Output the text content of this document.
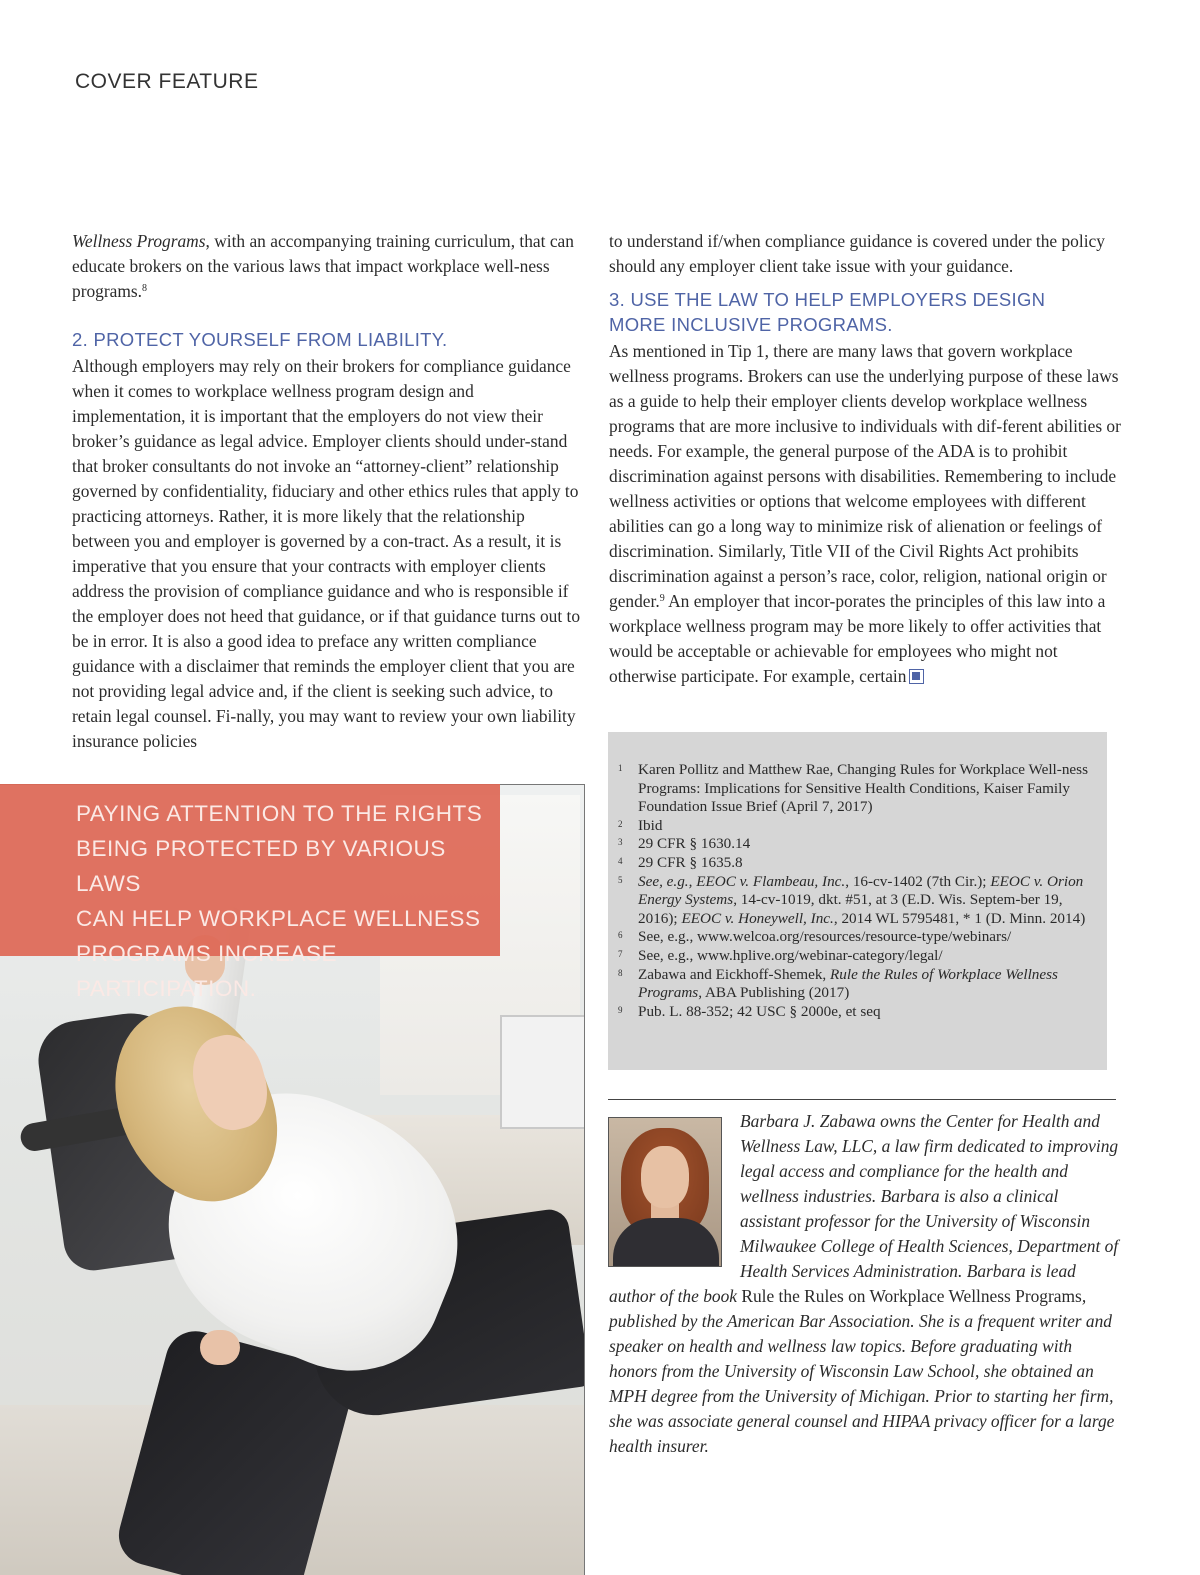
COVER FEATURE

Wellness Programs, with an accompanying training curriculum, that can educate brokers on the various laws that impact workplace well-ness programs.$^8$

2. PROTECT YOURSELF FROM LIABILITY.

Although employers may rely on their brokers for compliance guidance when it comes to workplace wellness program design and implementation, it is important that the employers do not view their broker’s guidance as legal advice. Employer clients should under-stand that broker consultants do not invoke an “attorney-client” relationship governed by confidentiality, fiduciary and other ethics rules that apply to practicing attorneys. Rather, it is more likely that the relationship between you and employer is governed by a con-tract. As a result, it is imperative that you ensure that your contracts with employer clients address the provision of compliance guidance and who is responsible if the employer does not heed that guidance, or if that guidance turns out to be in error. It is also a good idea to preface any written compliance guidance with a disclaimer that reminds the employer client that you are not providing legal advice and, if the client is seeking such advice, to retain legal counsel. Fi-nally, you may want to review your own liability insurance policies

to understand if/when compliance guidance is covered under the policy should any employer client take issue with your guidance.

3. USE THE LAW TO HELP EMPLOYERS DESIGN
MORE INCLUSIVE PROGRAMS.

As mentioned in Tip 1, there are many laws that govern workplace wellness programs. Brokers can use the underlying purpose of these laws as a guide to help their employer clients develop workplace wellness programs that are more inclusive to individuals with dif-ferent abilities or needs. For example, the general purpose of the ADA is to prohibit discrimination against persons with disabilities. Remembering to include wellness activities or options that welcome employees with different abilities can go a long way to minimize risk of alienation or feelings of discrimination. Similarly, Title VII of the Civil Rights Act prohibits discrimination against a person’s race, color, religion, national origin or gender.$^9$ An employer that incor-porates the principles of this law into a workplace wellness program may be more likely to offer activities that would be acceptable or achievable for employees who might not otherwise participate. For example, certain

PAYING ATTENTION TO THE RIGHTS
BEING PROTECTED BY VARIOUS LAWS
CAN HELP WORKPLACE WELLNESS
PROGRAMS INCREASE PARTICIPATION.

1	Karen Pollitz and Matthew Rae, Changing Rules for Workplace Well-ness Programs: Implications for Sensitive Health Conditions, Kaiser Family Foundation Issue Brief (April 7, 2017)
2	Ibid
3	29 CFR § 1630.14
4	29 CFR § 1635.8
5	See, e.g., EEOC v. Flambeau, Inc., 16-cv-1402 (7th Cir.); EEOC v. Orion Energy Systems, 14-cv-1019, dkt. #51, at 3 (E.D. Wis. Septem-ber 19, 2016); EEOC v. Honeywell, Inc., 2014 WL 5795481, * 1 (D. Minn. 2014)
6	See, e.g., www.welcoa.org/resources/resource-type/webinars/
7	See, e.g., www.hplive.org/webinar-category/legal/
8	Zabawa and Eickhoff-Shemek, Rule the Rules of Workplace Wellness Programs, ABA Publishing (2017)
9	Pub. L. 88-352; 42 USC § 2000e, et seq

Barbara J. Zabawa owns the Center for Health and Wellness Law, LLC, a law firm dedicated to improving legal access and compliance for the health and wellness industries. Barbara is also a clinical assistant professor for the University of Wisconsin Milwaukee College of Health Sciences, Department of Health Services Administration. Barbara is lead author of the book Rule the Rules on Workplace Wellness Programs, published by the American Bar Association. She is a frequent writer and speaker on health and wellness law topics. Before graduating with honors from the University of Wisconsin Law School, she obtained an MPH degree from the University of Michigan. Prior to starting her firm, she was associate general counsel and HIPAA privacy officer for a large health insurer.
